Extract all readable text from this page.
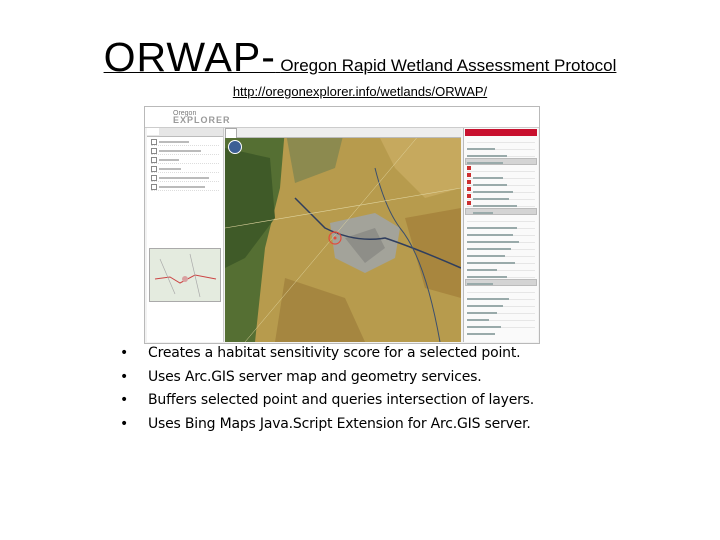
ORWAP- Oregon Rapid Wetland Assessment Protocol
http://oregonexplorer.info/wetlands/ORWAP/
Oregon
EXPLORER

• Creates a habitat sensitivity score for a selected point.
• Uses Arc.GIS server map and geometry services.
• Buffers selected point and queries intersection of layers.
• Uses Bing Maps Java.Script Extension for Arc.GIS server.
